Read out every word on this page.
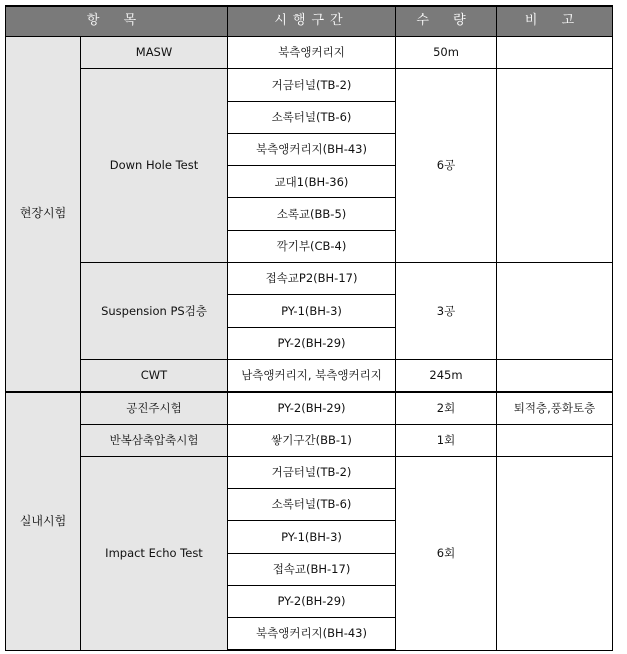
항 목		시행구간	수 량	비 고
현장시험	MASW	북측앵커리지	50m	
	Down Hole Test	거금터널(TB-2)	6공	
		소록터널(TB-6)		
		북측앵커리지(BH-43)		
		교대1(BH-36)		
		소록교(BB-5)		
		깍기부(CB-4)		
	Suspension PS검층	접속교P2(BH-17)	3공	
		PY-1(BH-3)		
		PY-2(BH-29)		
	CWT	남측앵커리지, 북측앵커리지	245m	
실내시험	공진주시험	PY-2(BH-29)	2회	퇴적층,풍화토층
	반복삼축압축시험	쌓기구간(BB-1)	1회	
	Impact Echo Test	거금터널(TB-2)	6회	
		소록터널(TB-6)		
		PY-1(BH-3)		
		접속교(BH-17)		
		PY-2(BH-29)		
		북측앵커리지(BH-43)		
